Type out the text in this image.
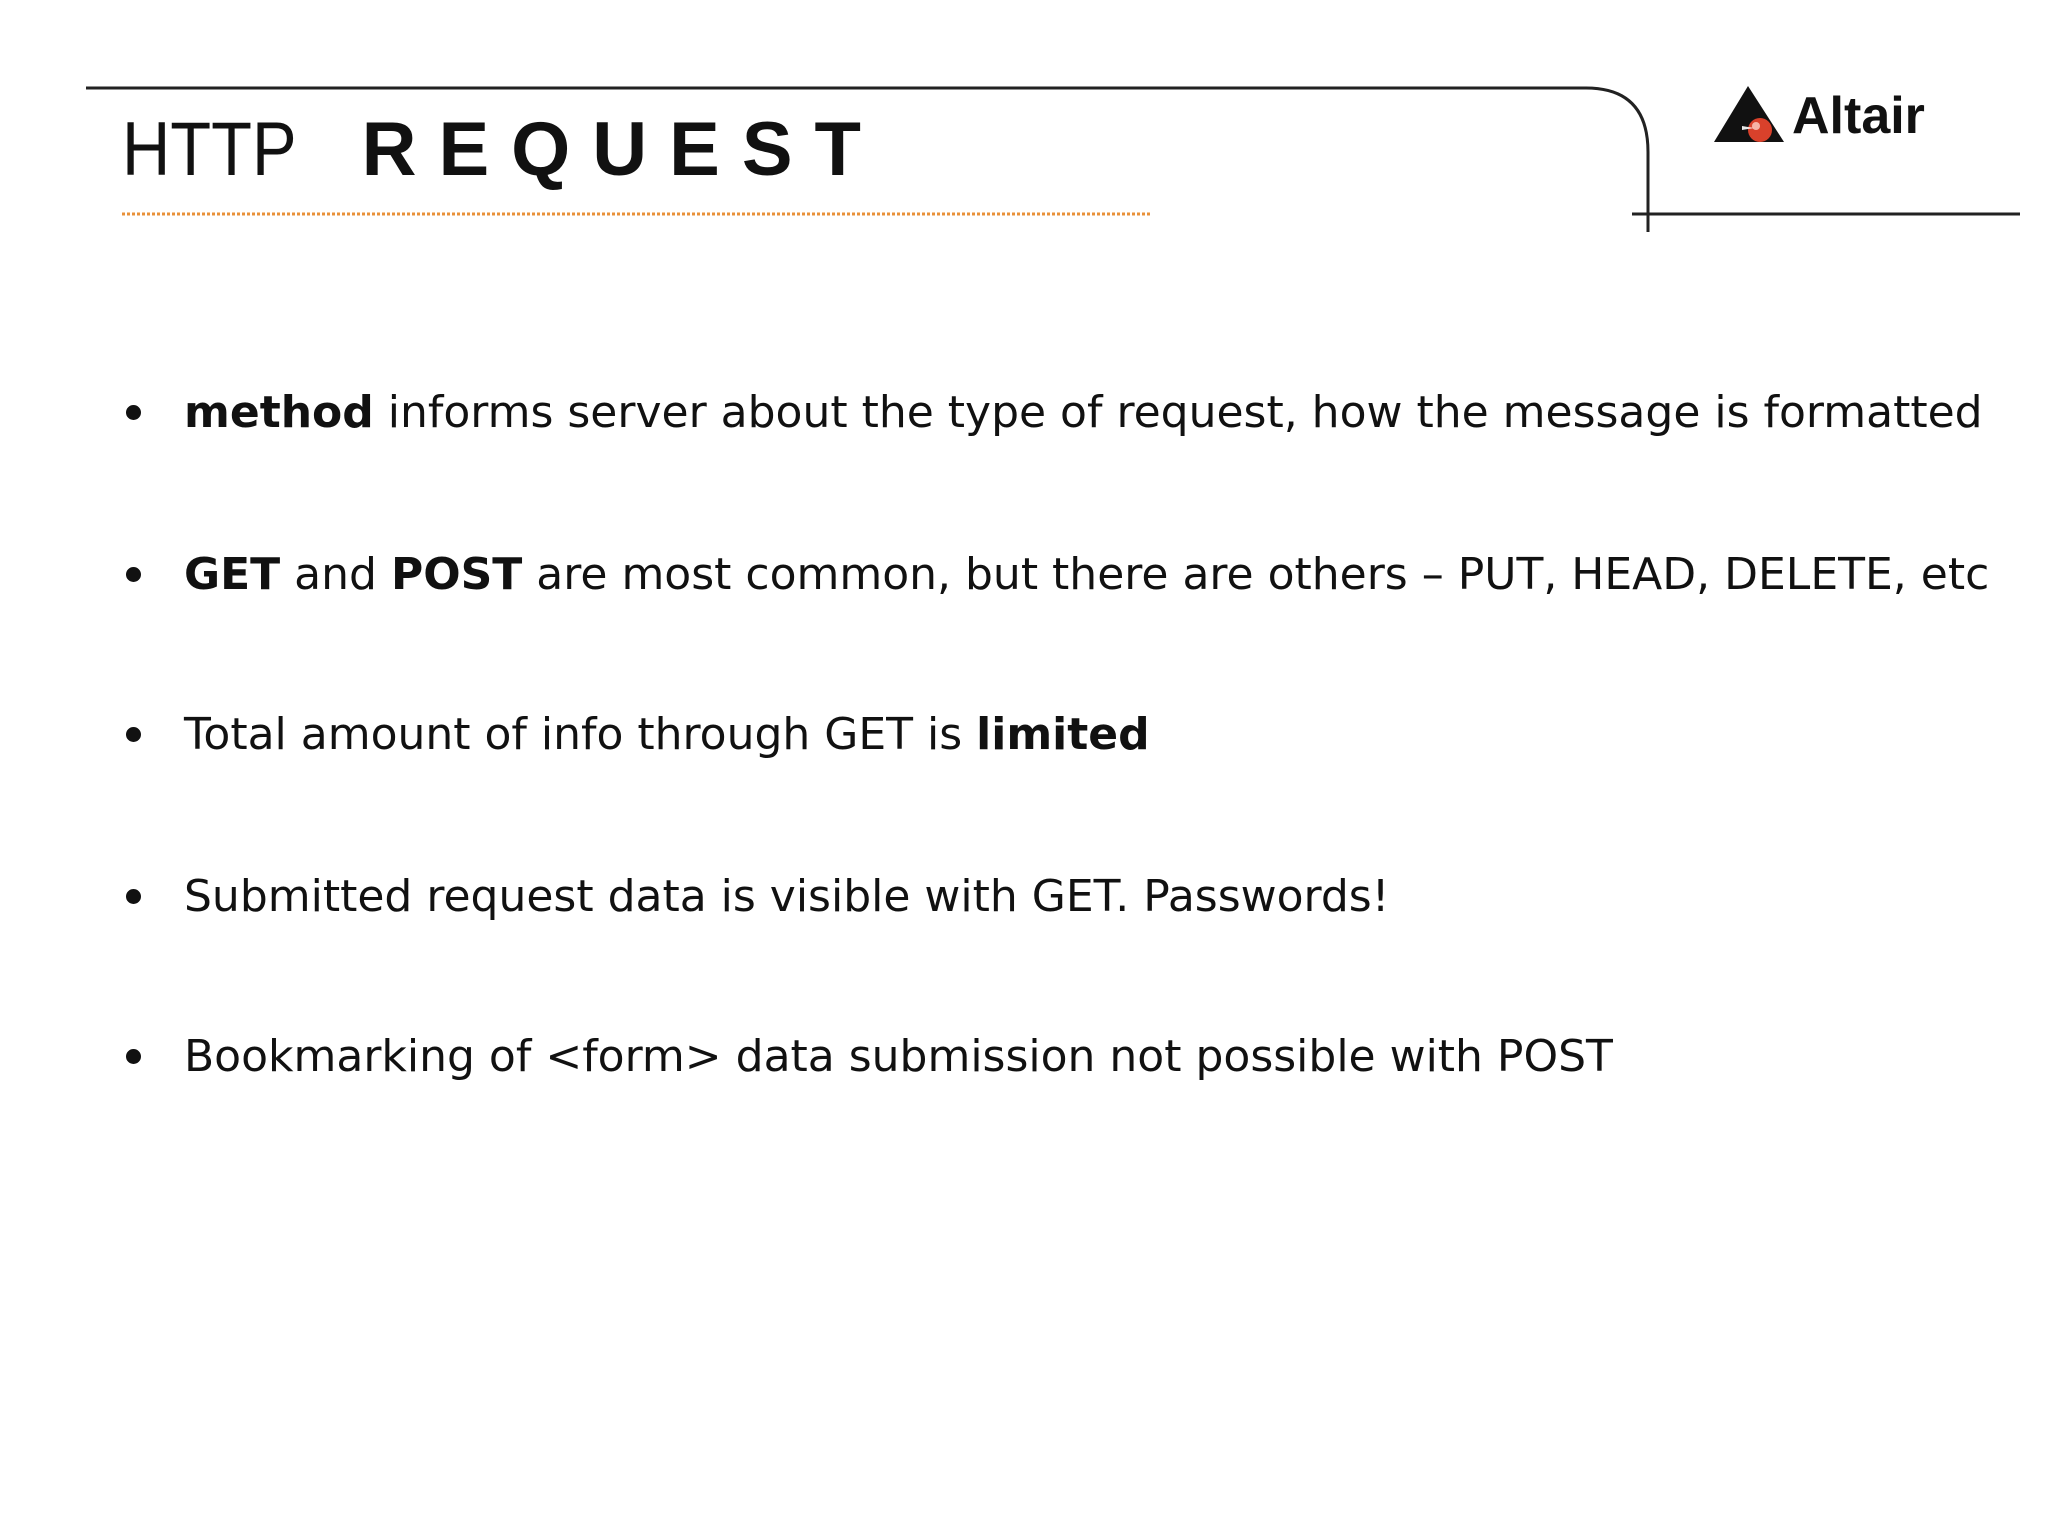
HTTP REQUEST	Altair
method informs server about the type of request, how the message is formatted
GET and POST are most common, but there are others – PUT, HEAD, DELETE, etc
Total amount of info through GET is limited
Submitted request data is visible with GET. Passwords!
Bookmarking of <form> data submission not possible with POST
